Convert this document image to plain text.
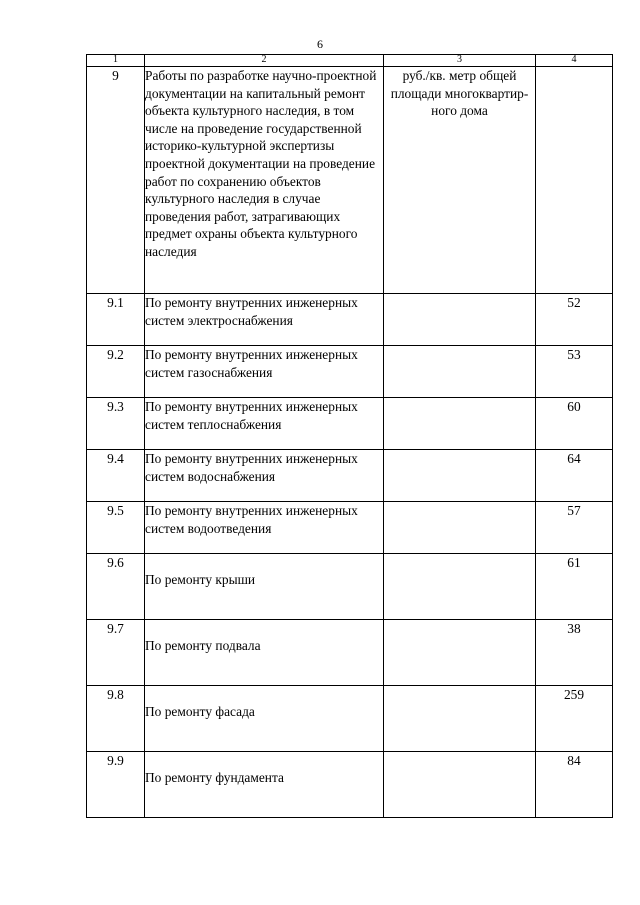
6
1	2	3	4
9	Работы по разработке научно-проектной документации на капитальный ремонт объекта культурного наследия, в том числе на проведение государственной историко-культурной экспертизы проектной документации на проведение работ по сохранению объектов культурного наследия в случае проведения работ, затрагивающих предмет охраны объекта культурного наследия	руб./кв. метр общей площади многоквартир-ного дома	
9.1	По ремонту внутренних инженерных систем электроснабжения		52
9.2	По ремонту внутренних инженерных систем газоснабжения		53
9.3	По ремонту внутренних инженерных систем теплоснабжения		60
9.4	По ремонту внутренних инженерных систем водоснабжения		64
9.5	По ремонту внутренних инженерных систем водоотведения		57
9.6	По ремонту крыши		61
9.7	По ремонту подвала		38
9.8	По ремонту фасада		259
9.9	По ремонту фундамента		84
